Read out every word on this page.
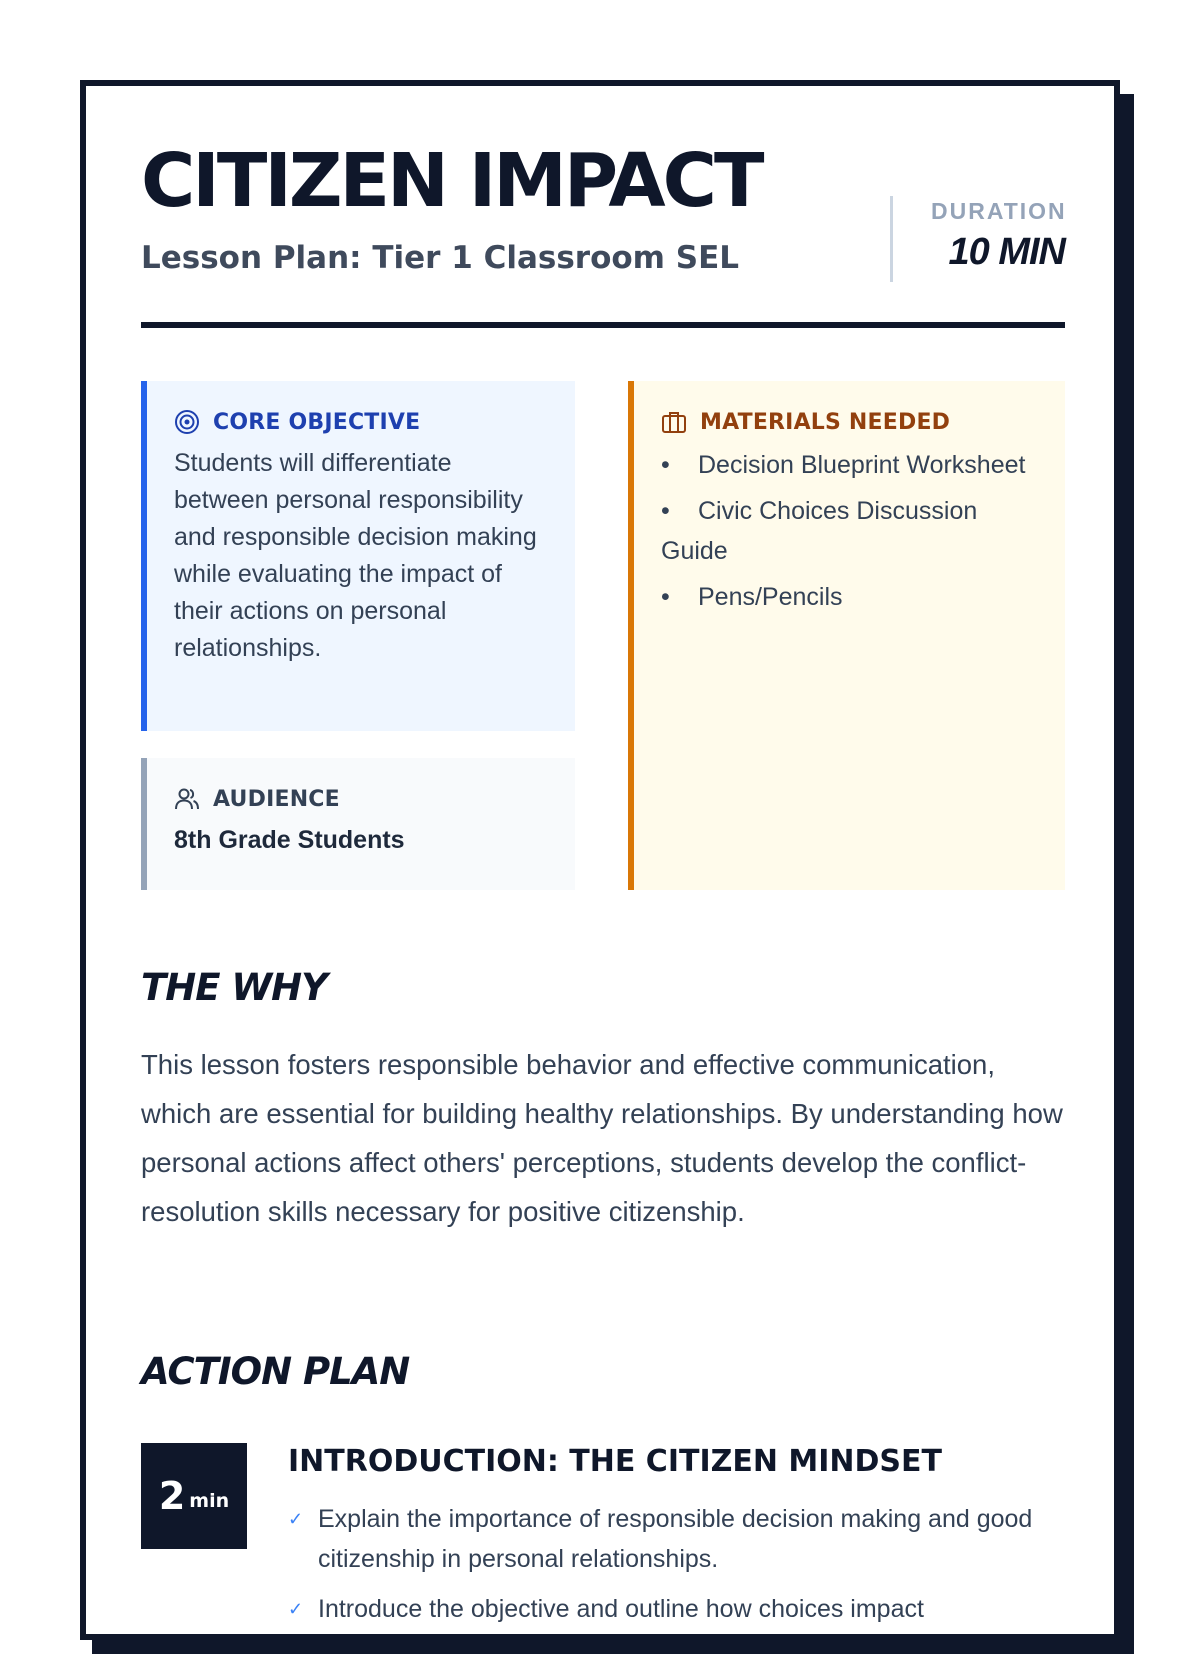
CITIZEN IMPACT
Lesson Plan: Tier 1 Classroom SEL
DURATION
10 MIN
CORE OBJECTIVE
Students will differentiate between personal responsibility and responsible decision making while evaluating the impact of their actions on personal relationships.
AUDIENCE
8th Grade Students
MATERIALS NEEDED
• Decision Blueprint Worksheet
• Civic Choices Discussion Guide
• Pens/Pencils
THE WHY
This lesson fosters responsible behavior and effective communication, which are essential for building healthy relationships. By understanding how personal actions affect others' perceptions, students develop the conflict-resolution skills necessary for positive citizenship.
ACTION PLAN
2 min
INTRODUCTION: THE CITIZEN MINDSET
✓ Explain the importance of responsible decision making and good citizenship in personal relationships.
✓ Introduce the objective and outline how choices impact
